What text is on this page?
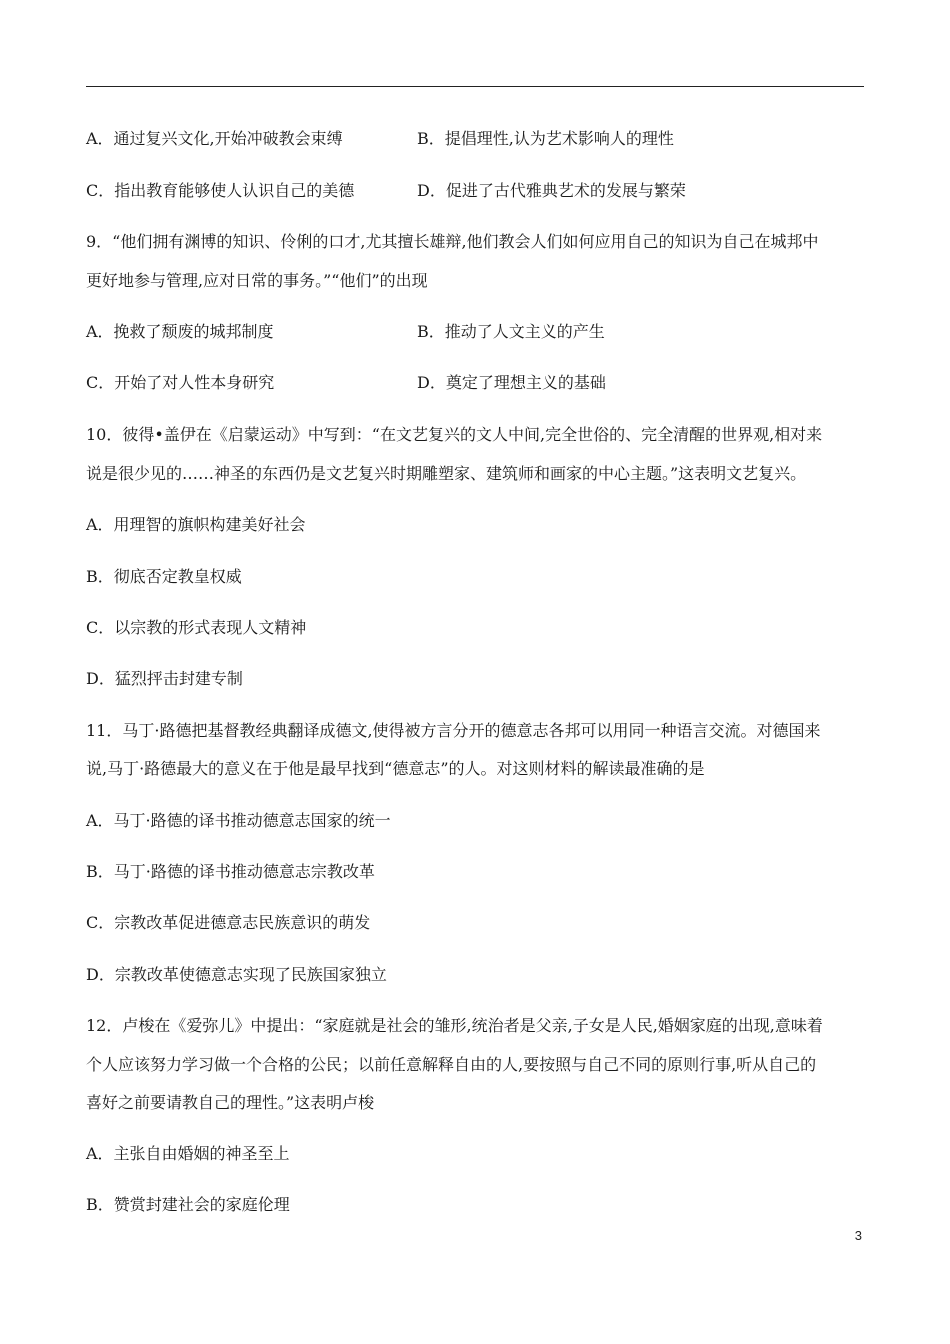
A．通过复兴文化,开始冲破教会束缚	B．提倡理性,认为艺术影响人的理性
C．指出教育能够使人认识自己的美德	D．促进了古代雅典艺术的发展与繁荣
9．“他们拥有渊博的知识、伶俐的口才,尤其擅长雄辩,他们教会人们如何应用自己的知识为自己在城邦中
更好地参与管理,应对日常的事务。”“他们”的出现
A．挽救了颓废的城邦制度	B．推动了人文主义的产生
C．开始了对人性本身研究	D．奠定了理想主义的基础
10．彼得•盖伊在《启蒙运动》中写到：“在文艺复兴的文人中间,完全世俗的、完全清醒的世界观,相对来
说是很少见的……神圣的东西仍是文艺复兴时期雕塑家、建筑师和画家的中心主题。”这表明文艺复兴。
A．用理智的旗帜构建美好社会
B．彻底否定教皇权威
C．以宗教的形式表现人文精神
D．猛烈抨击封建专制
11．马丁·路德把基督教经典翻译成德文,使得被方言分开的德意志各邦可以用同一种语言交流。对德国来
说,马丁·路德最大的意义在于他是最早找到“德意志”的人。对这则材料的解读最准确的是
A．马丁·路德的译书推动德意志国家的统一
B．马丁·路德的译书推动德意志宗教改革
C．宗教改革促进德意志民族意识的萌发
D．宗教改革使德意志实现了民族国家独立
12．卢梭在《爱弥儿》中提出：“家庭就是社会的雏形,统治者是父亲,子女是人民,婚姻家庭的出现,意味着
个人应该努力学习做一个合格的公民；以前任意解释自由的人,要按照与自己不同的原则行事,听从自己的
喜好之前要请教自己的理性。”这表明卢梭
A．主张自由婚姻的神圣至上
B．赞赏封建社会的家庭伦理
3
